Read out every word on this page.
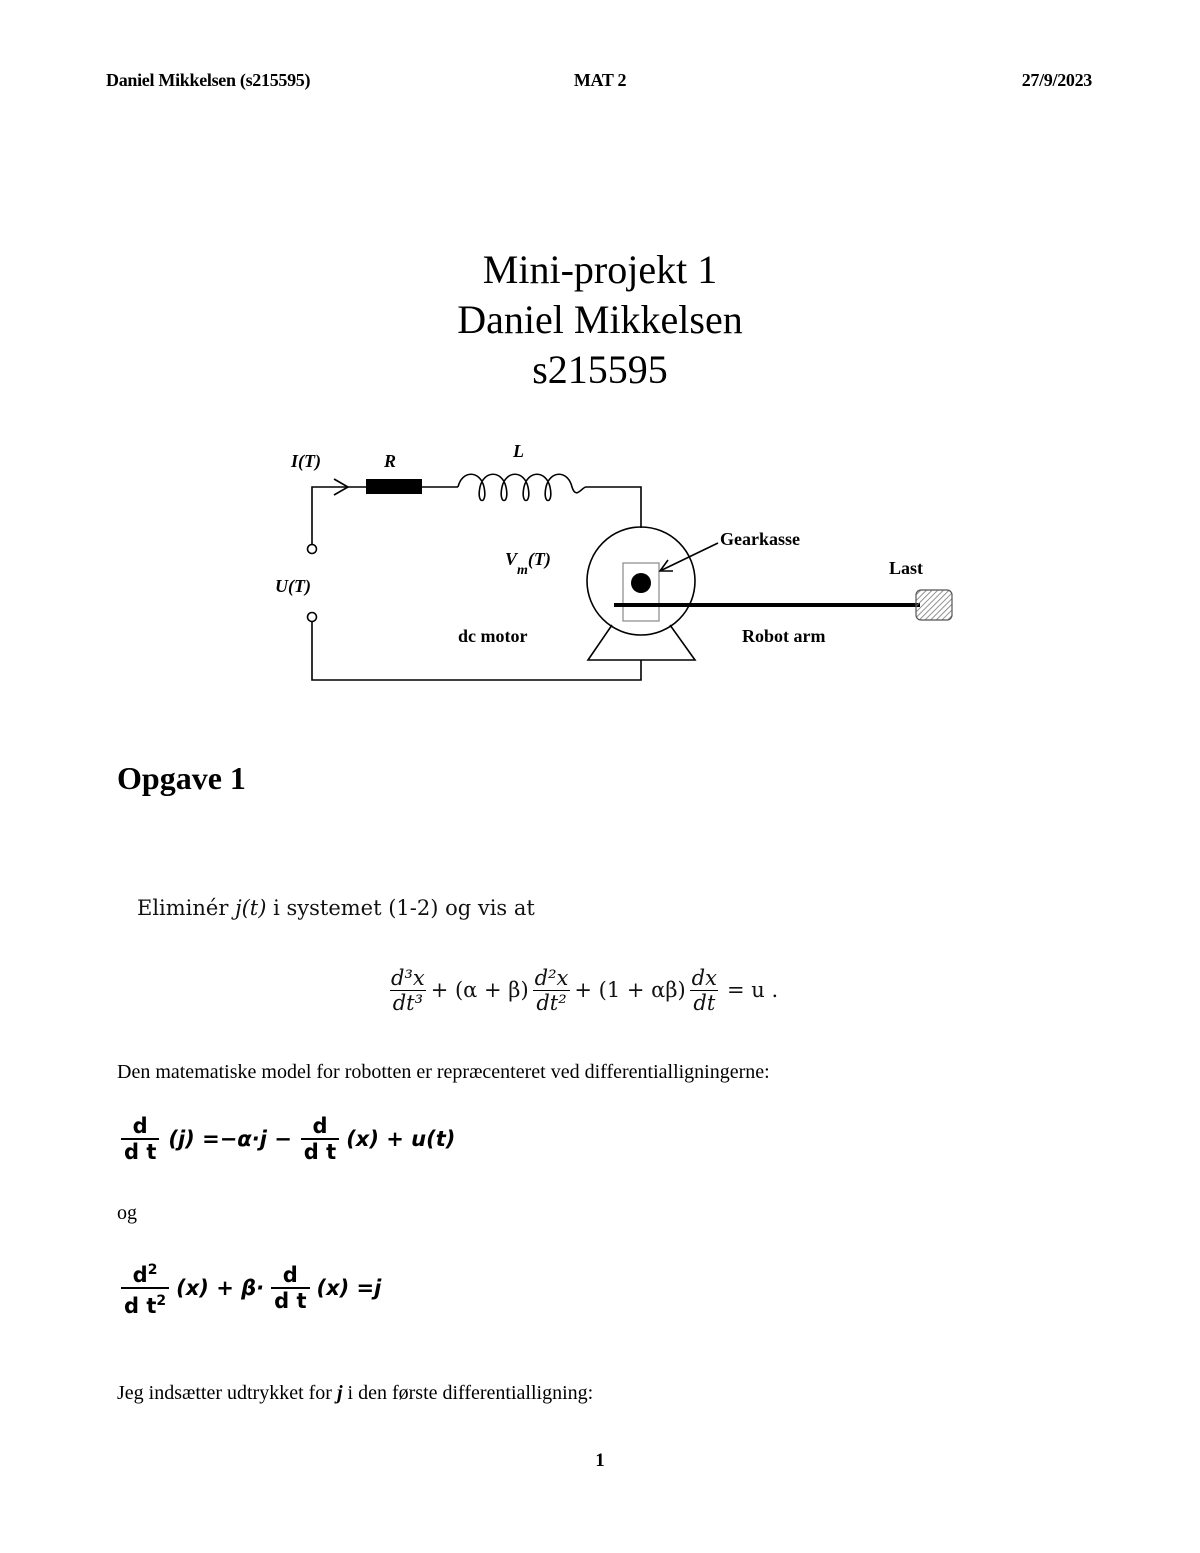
Daniel Mikkelsen (s215595)	MAT 2	27/9/2023
Mini-projekt 1
Daniel Mikkelsen
s215595
I(T)	R	L
U(T)
$V_m(T)$
dc motor
Gearkasse
Robot arm
Last
Opgave 1
Eliminér j(t) i systemet (1-2) og vis at
$\frac{\text{d³x}}{\text{dt³}} + (\alpha + \beta) \frac{\text{d²x}}{\text{dt²}} + (1 + \alpha\beta) \frac{dx}{dt} = u$ .
Den matematiske model for robotten er repræcenteret ved differentialligningerne:
$\frac{d}{\text{d t}} (j) =-\alpha\cdot j - \frac{d}{\text{d t}} (x) + u(t)$
og
$\frac{d^2}{d t^2} (x) + \beta\cdot \frac{d}{\text{d t}} (x) =j$
Jeg indsætter udtrykket for j i den første differentialligning:
1
